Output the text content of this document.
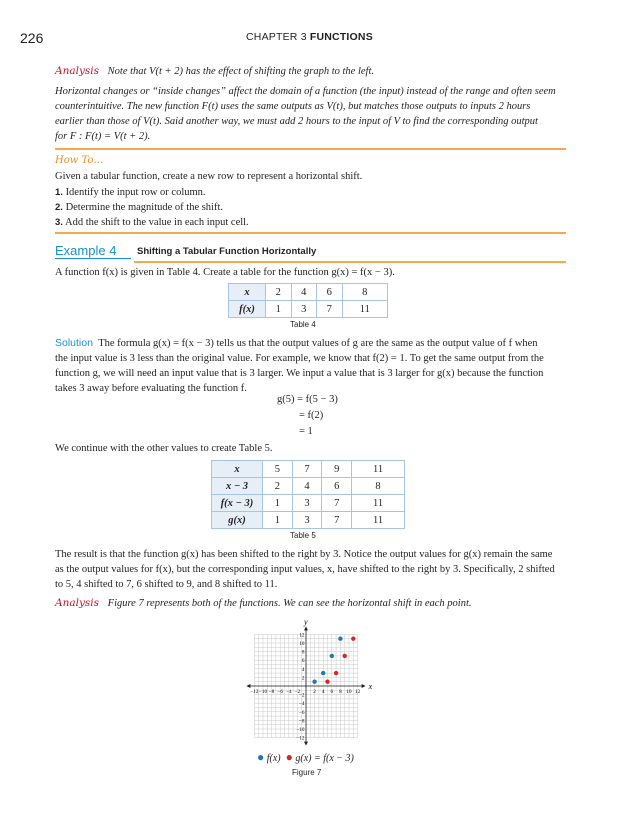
226	CHAPTER 3 FUNCTIONS
Analysis Note that V(t + 2) has the effect of shifting the graph to the left.
Horizontal changes or “inside changes” affect the domain of a function (the input) instead of the range and often seem
counterintuitive. The new function F(t) uses the same outputs as V(t), but matches those outputs to inputs 2 hours
earlier than those of V(t). Said another way, we must add 2 hours to the input of V to find the corresponding output
for F : F(t) = V(t + 2).
How To…
Given a tabular function, create a new row to represent a horizontal shift.
1. Identify the input row or column.
2. Determine the magnitude of the shift.
3. Add the shift to the value in each input cell.
Example 4 Shifting a Tabular Function Horizontally
A function f(x) is given in Table 4. Create a table for the function g(x) = f(x − 3).
x	2	4	6	8
f(x)	1	3	7	11
Table 4
Solution The formula g(x) = f(x − 3) tells us that the output values of g are the same as the output value of f when
the input value is 3 less than the original value. For example, we know that f(2) = 1. To get the same output from the
function g, we will need an input value that is 3 larger. We input a value that is 3 larger for g(x) because the function
takes 3 away before evaluating the function f.
g(5) = f(5 − 3)
= f(2)
= 1
We continue with the other values to create Table 5.
x	5	7	9	11
x − 3	2	4	6	8
f(x − 3)	1	3	7	11
g(x)	1	3	7	11
Table 5
The result is that the function g(x) has been shifted to the right by 3. Notice the output values for g(x) remain the same
as the output values for f(x), but the corresponding input values, x, have shifted to the right by 3. Specifically, 2 shifted
to 5, 4 shifted to 7, 6 shifted to 9, and 8 shifted to 11.
Analysis Figure 7 represents both of the functions. We can see the horizontal shift in each point.
x
y
−12 −10 −8 −6 −4 −2	2 4 6 8 10 12
12
10
8
6
4
2
−2
−4
−6
−8
−10
−12
● f(x) ● g(x) = f(x − 3)
Figure 7
